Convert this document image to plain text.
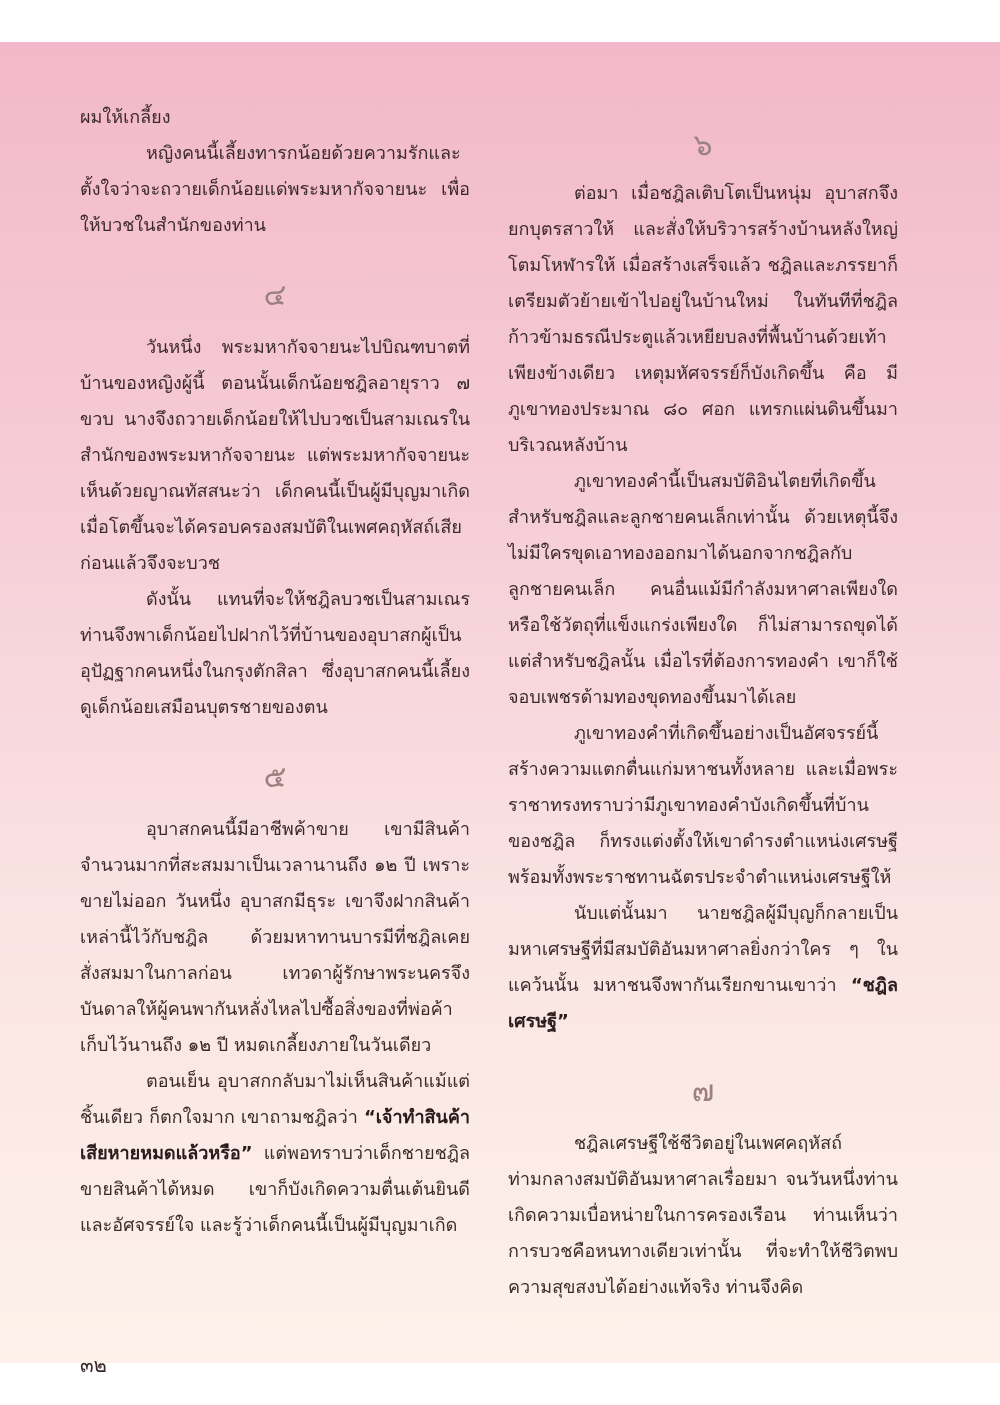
ผมให้เกลี้ยง

หญิงคนนี้เลี้ยงทารกน้อยด้วยความรักและตั้งใจว่าจะถวายเด็กน้อยแด่พระมหากัจจายนะ เพื่อให้บวชในสำนักของท่าน

๔

วันหนึ่ง พระมหากัจจายนะไปบิณฑบาตที่บ้านของหญิงผู้นี้ ตอนนั้นเด็กน้อยชฎิลอายุราว ๗ ขวบ นางจึงถวายเด็กน้อยให้ไปบวชเป็นสามเณรในสำนักของพระมหากัจจายนะ แต่พระมหากัจจายนะเห็นด้วยญาณทัสสนะว่า เด็กคนนี้เป็นผู้มีบุญมาเกิด เมื่อโตขึ้นจะได้ครอบครองสมบัติในเพศคฤหัสถ์เสียก่อนแล้วจึงจะบวช

ดังนั้น แทนที่จะให้ชฎิลบวชเป็นสามเณร ท่านจึงพาเด็กน้อยไปฝากไว้ที่บ้านของอุบาสกผู้เป็นอุปัฏฐากคนหนึ่งในกรุงตักสิลา ซึ่งอุบาสกคนนี้เลี้ยงดูเด็กน้อยเสมือนบุตรชายของตน

๕

อุบาสกคนนี้มีอาชีพค้าขาย เขามีสินค้าจำนวนมากที่สะสมมาเป็นเวลานานถึง ๑๒ ปี เพราะขายไม่ออก วันหนึ่ง อุบาสกมีธุระ เขาจึงฝากสินค้าเหล่านี้ไว้กับชฎิล ด้วยมหาทานบารมีที่ชฎิลเคยสั่งสมมาในกาลก่อน เทวดาผู้รักษาพระนครจึงบันดาลให้ผู้คนพากันหลั่งไหลไปซื้อสิ่งของที่พ่อค้าเก็บไว้นานถึง ๑๒ ปี หมดเกลี้ยงภายในวันเดียว

ตอนเย็น อุบาสกกลับมาไม่เห็นสินค้าแม้แต่ชิ้นเดียว ก็ตกใจมาก เขาถามชฎิลว่า “เจ้าทำสินค้าเสียหายหมดแล้วหรือ” แต่พอทราบว่าเด็กชายชฎิลขายสินค้าได้หมด เขาก็บังเกิดความตื่นเต้นยินดีและอัศจรรย์ใจ และรู้ว่าเด็กคนนี้เป็นผู้มีบุญมาเกิด

๖

ต่อมา เมื่อชฎิลเติบโตเป็นหนุ่ม อุบาสกจึงยกบุตรสาวให้ และสั่งให้บริวารสร้างบ้านหลังใหญ่โตมโหฬารให้ เมื่อสร้างเสร็จแล้ว ชฎิลและภรรยาก็เตรียมตัวย้ายเข้าไปอยู่ในบ้านใหม่ ในทันทีที่ชฎิลก้าวข้ามธรณีประตูแล้วเหยียบลงที่พื้นบ้านด้วยเท้าเพียงข้างเดียว เหตุมหัศจรรย์ก็บังเกิดขึ้น คือ มีภูเขาทองประมาณ ๘๐ ศอก แทรกแผ่นดินขึ้นมาบริเวณหลังบ้าน

ภูเขาทองคำนี้เป็นสมบัติอินไตยที่เกิดขึ้นสำหรับชฎิลและลูกชายคนเล็กเท่านั้น ด้วยเหตุนี้จึงไม่มีใครขุดเอาทองออกมาได้นอกจากชฎิลกับลูกชายคนเล็ก คนอื่นแม้มีกำลังมหาศาลเพียงใด หรือใช้วัตถุที่แข็งแกร่งเพียงใด ก็ไม่สามารถขุดได้ แต่สำหรับชฎิลนั้น เมื่อไรที่ต้องการทองคำ เขาก็ใช้จอบเพชรด้ามทองขุดทองขึ้นมาได้เลย

ภูเขาทองคำที่เกิดขึ้นอย่างเป็นอัศจรรย์นี้ สร้างความแตกตื่นแก่มหาชนทั้งหลาย และเมื่อพระราชาทรงทราบว่ามีภูเขาทองคำบังเกิดขึ้นที่บ้านของชฎิล ก็ทรงแต่งตั้งให้เขาดำรงตำแหน่งเศรษฐี พร้อมทั้งพระราชทานฉัตรประจำตำแหน่งเศรษฐีให้

นับแต่นั้นมา นายชฎิลผู้มีบุญก็กลายเป็นมหาเศรษฐีที่มีสมบัติอันมหาศาลยิ่งกว่าใคร ๆ ในแคว้นนั้น มหาชนจึงพากันเรียกขานเขาว่า “ชฎิลเศรษฐี”

๗

ชฎิลเศรษฐีใช้ชีวิตอยู่ในเพศคฤหัสถ์ท่ามกลางสมบัติอันมหาศาลเรื่อยมา จนวันหนึ่งท่านเกิดความเบื่อหน่ายในการครองเรือน ท่านเห็นว่า การบวชคือหนทางเดียวเท่านั้น ที่จะทำให้ชีวิตพบความสุขสงบได้อย่างแท้จริง ท่านจึงคิด

๓๒
